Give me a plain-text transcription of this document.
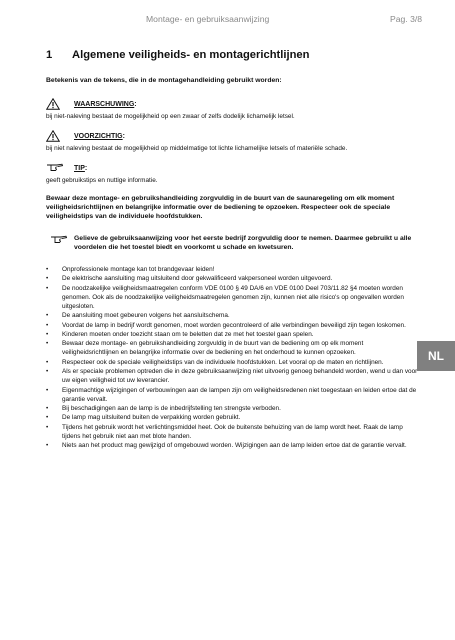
Montage- en gebruiksaanwijzing	Pag. 3/8
1 Algemene veiligheids- en montagerichtlijnen
Betekenis van de tekens, die in de montagehandleiding gebruikt worden:
WAARSCHUWING :
bij niet-naleving bestaat de mogelijkheid op een zwaar of zelfs dodelijk lichamelijk letsel.
VOORZICHTIG :
bij niet naleving bestaat de mogelijkheid op middelmatige tot lichte lichamelijke letsels of materiële schade.
TIP :
geeft gebruikstips en nuttige informatie.
Bewaar deze montage- en gebruikshandleiding zorgvuldig in de buurt van de saunaregeling om elk moment veiligheidsrichtlijnen en belangrijke informatie over de bediening te opzoeken. Respecteer ook de speciale veiligheidstips van de individuele hoofdstukken.
Gelieve de gebruiksaanwijzing voor het eerste bedrijf zorgvuldig door te nemen. Daarmee gebruikt u alle voordelen die het toestel biedt en voorkomt u schade en kwetsuren.
• Onprofessionele montage kan tot brandgevaar leiden!
• De elektrische aansluiting mag uitsluitend door gekwalificeerd vakpersoneel worden uitgevoerd.
• De noodzakelijke veiligheidsmaatregelen conform VDE 0100 § 49 DA/6 en VDE 0100 Deel 703/11.82 §4 moeten worden genomen. Ook als de noodzakelijke veiligheidsmaatregelen genomen zijn, kunnen niet alle risico's op ongevallen worden uitgesloten.
• De aansluiting moet gebeuren volgens het aansluitschema.
• Voordat de lamp in bedrijf wordt genomen, moet worden gecontroleerd of alle verbindingen beveiligd zijn tegen loskomen.
• Kinderen moeten onder toezicht staan om te beletten dat ze met het toestel gaan spelen.
• Bewaar deze montage- en gebruikshandleiding zorgvuldig in de buurt van de bediening om op elk moment veiligheidsrichtlijnen en belangrijke informatie over de bediening en het onderhoud te kunnen opzoeken.
• Respecteer ook de speciale veiligheidstips van de individuele hoofdstukken. Let vooral op de maten en richtlijnen.
• Als er speciale problemen optreden die in deze gebruiksaanwijzing niet uitvoerig genoeg behandeld worden, wend u dan voor uw eigen veiligheid tot uw leverancier.
• Eigenmachtige wijzigingen of verbouwingen aan de lampen zijn om veiligheidsredenen niet toegestaan en leiden ertoe dat de garantie vervalt.
• Bij beschadigingen aan de lamp is de inbedrijfstelling ten strengste verboden.
• De lamp mag uitsluitend buiten de verpakking worden gebruikt.
• Tijdens het gebruik wordt het verlichtingsmiddel heet. Ook de buitenste behuizing van de lamp wordt heet. Raak de lamp tijdens het gebruik niet aan met blote handen.
• Niets aan het product mag gewijzigd of omgebouwd worden. Wijzigingen aan de lamp leiden ertoe dat de garantie vervalt.
NL
